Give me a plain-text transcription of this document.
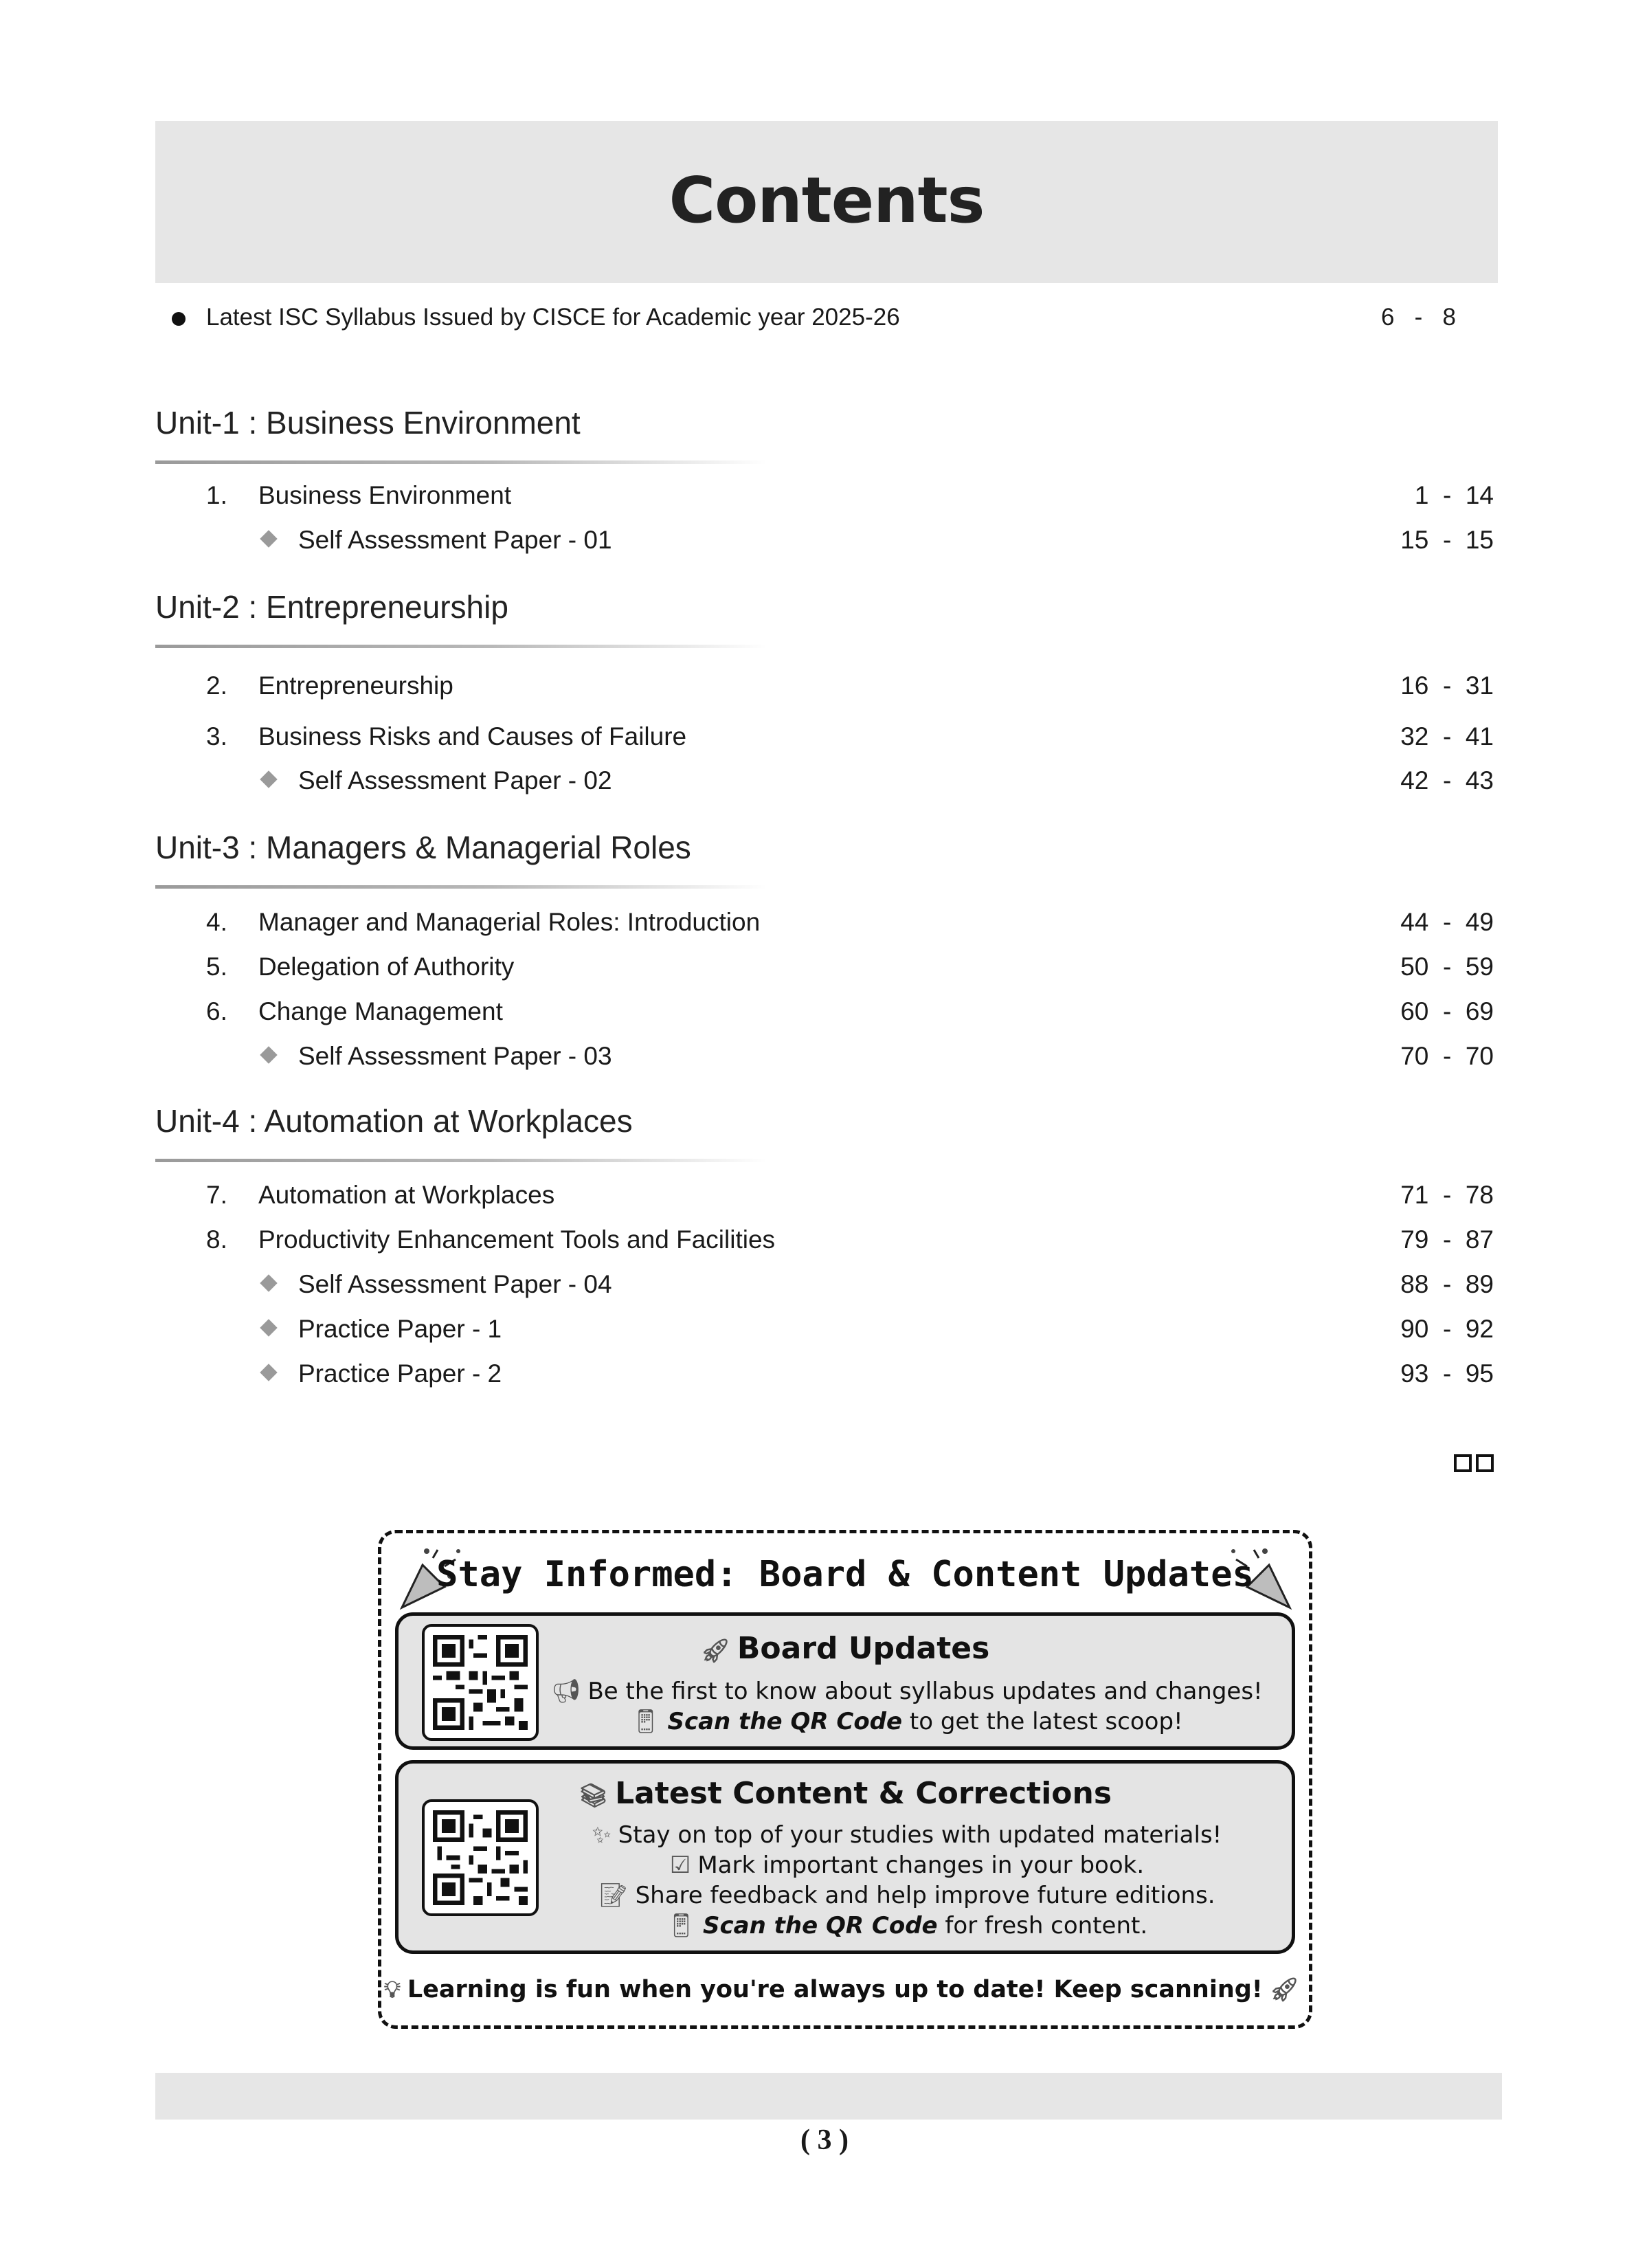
Contents
Latest ISC Syllabus Issued by CISCE for Academic year 2025-26	6   -   8
Unit-1 : Business Environment
Unit-2 : Entrepreneurship
Unit-3 : Managers & Managerial Roles
Unit-4 : Automation at Workplaces
1. Business Environment	1  -  14
Self Assessment Paper - 01	15  -  15
2. Entrepreneurship	16  -  31
3. Business Risks and Causes of Failure	32  -  41
Self Assessment Paper - 02	42  -  43
4. Manager and Managerial Roles: Introduction	44  -  49
5. Delegation of Authority	50  -  59
6. Change Management	60  -  69
Self Assessment Paper - 03	70  -  70
7. Automation at Workplaces	71  -  78
8. Productivity Enhancement Tools and Facilities	79  -  87
Self Assessment Paper - 04	88  -  89
Practice Paper - 1	90  -  92
Practice Paper - 2	93  -  95
Stay Informed: Board & Content Updates
🚀︎ Board Updates
📢︎ Be the first to know about syllabus updates and changes!
📱︎ Scan the QR Code to get the latest scoop!
📚︎ Latest Content & Corrections
✨︎ Stay on top of your studies with updated materials!
☑ Mark important changes in your book.
📝︎ Share feedback and help improve future editions.
📱︎ Scan the QR Code for fresh content.
💡︎ Learning is fun when you're always up to date! Keep scanning! 🚀︎
( 3 )
